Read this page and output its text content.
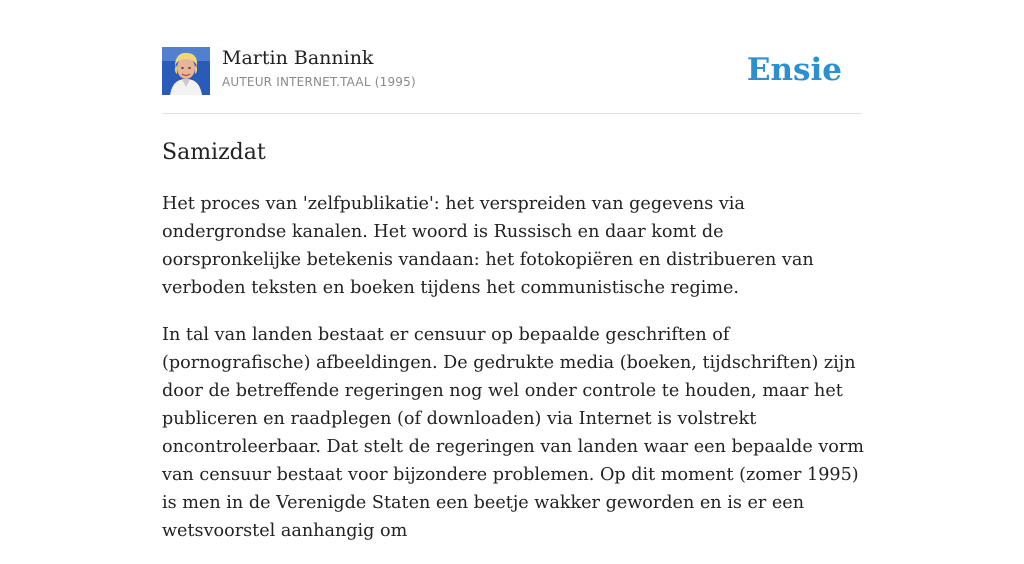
Martin Bannink
AUTEUR INTERNET.TAAL (1995)	Ensie
Samizdat

Het proces van 'zelfpublikatie': het verspreiden van gegevens via ondergrondse kanalen. Het woord is Russisch en daar komt de oorspronkelijke betekenis vandaan: het fotokopiëren en distribueren van verboden teksten en boeken tijdens het communistische regime.

In tal van landen bestaat er censuur op bepaalde geschriften of (pornografische) afbeeldingen. De gedrukte media (boeken, tijdschriften) zijn door de betreffende regeringen nog wel onder controle te houden, maar het publiceren en raadplegen (of downloaden) via Internet is volstrekt oncontroleerbaar. Dat stelt de regeringen van landen waar een bepaalde vorm van censuur bestaat voor bijzondere problemen. Op dit moment (zomer 1995) is men in de Verenigde Staten een beetje wakker geworden en is er een wetsvoorstel aanhangig om
